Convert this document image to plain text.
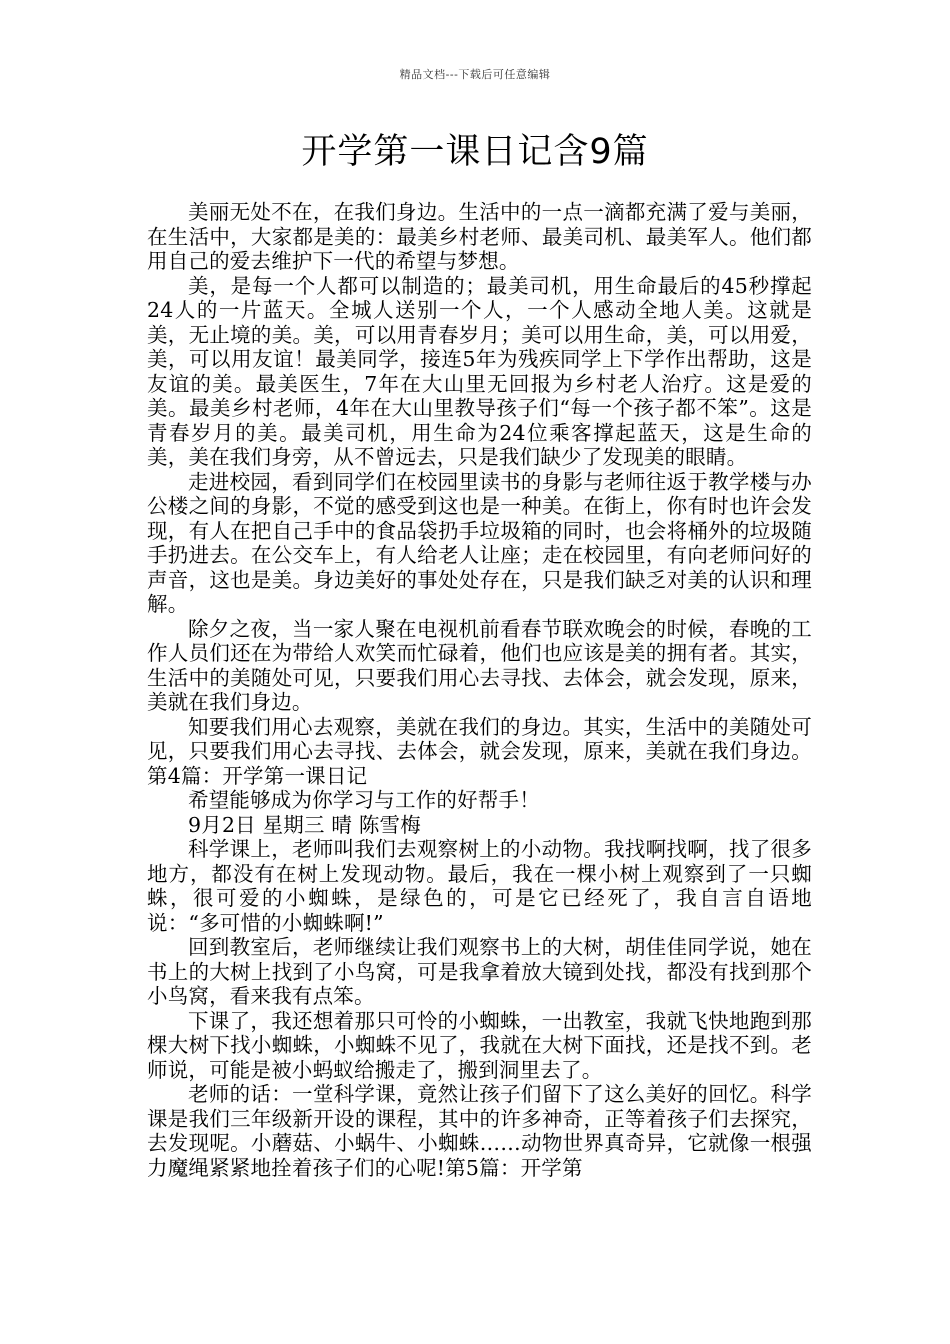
精品文档---下载后可任意编辑
开学第一课日记含9篇

美丽无处不在，在我们身边。生活中的一点一滴都充满了爱与美丽，在生活中，大家都是美的：最美乡村老师、最美司机、最美军人。他们都用自己的爱去维护下一代的希望与梦想。

美，是每一个人都可以制造的；最美司机，用生命最后的45秒撑起24人的一片蓝天。全城人送别一个人，一个人感动全地人美。这就是美，无止境的美。美，可以用青春岁月；美可以用生命，美，可以用爱，美，可以用友谊！最美同学，接连5年为残疾同学上下学作出帮助，这是友谊的美。最美医生，7年在大山里无回报为乡村老人治疗。这是爱的美。最美乡村老师，4年在大山里教导孩子们“每一个孩子都不笨”。这是青春岁月的美。最美司机，用生命为24位乘客撑起蓝天，这是生命的美，美在我们身旁，从不曾远去，只是我们缺少了发现美的眼睛。

走进校园，看到同学们在校园里读书的身影与老师往返于教学楼与办公楼之间的身影，不觉的感受到这也是一种美。在街上，你有时也许会发现，有人在把自己手中的食品袋扔手垃圾箱的同时，也会将桶外的垃圾随手扔进去。在公交车上，有人给老人让座；走在校园里，有向老师问好的声音，这也是美。身边美好的事处处存在，只是我们缺乏对美的认识和理解。

除夕之夜，当一家人聚在电视机前看春节联欢晚会的时候，春晚的工作人员们还在为带给人欢笑而忙碌着，他们也应该是美的拥有者。其实，生活中的美随处可见，只要我们用心去寻找、去体会，就会发现，原来，美就在我们身边。

知要我们用心去观察，美就在我们的身边。其实，生活中的美随处可见，只要我们用心去寻找、去体会，就会发现，原来，美就在我们身边。第4篇：开学第一课日记

希望能够成为你学习与工作的好帮手！

9月2日 星期三 晴 陈雪梅

科学课上，老师叫我们去观察树上的小动物。我找啊找啊，找了很多地方，都没有在树上发现动物。最后，我在一棵小树上观察到了一只蜘蛛，很可爱的小蜘蛛，是绿色的，可是它已经死了，我自言自语地说：“多可惜的小蜘蛛啊!”

回到教室后，老师继续让我们观察书上的大树，胡佳佳同学说，她在书上的大树上找到了小鸟窝，可是我拿着放大镜到处找，都没有找到那个小鸟窝，看来我有点笨。

下课了，我还想着那只可怜的小蜘蛛，一出教室，我就飞快地跑到那棵大树下找小蜘蛛，小蜘蛛不见了，我就在大树下面找，还是找不到。老师说，可能是被小蚂蚁给搬走了，搬到洞里去了。

老师的话：一堂科学课，竟然让孩子们留下了这么美好的回忆。科学课是我们三年级新开设的课程，其中的许多神奇，正等着孩子们去探究，去发现呢。小蘑菇、小蜗牛、小蜘蛛……动物世界真奇异，它就像一根强力魔绳紧紧地拴着孩子们的心呢!第5篇：开学第
